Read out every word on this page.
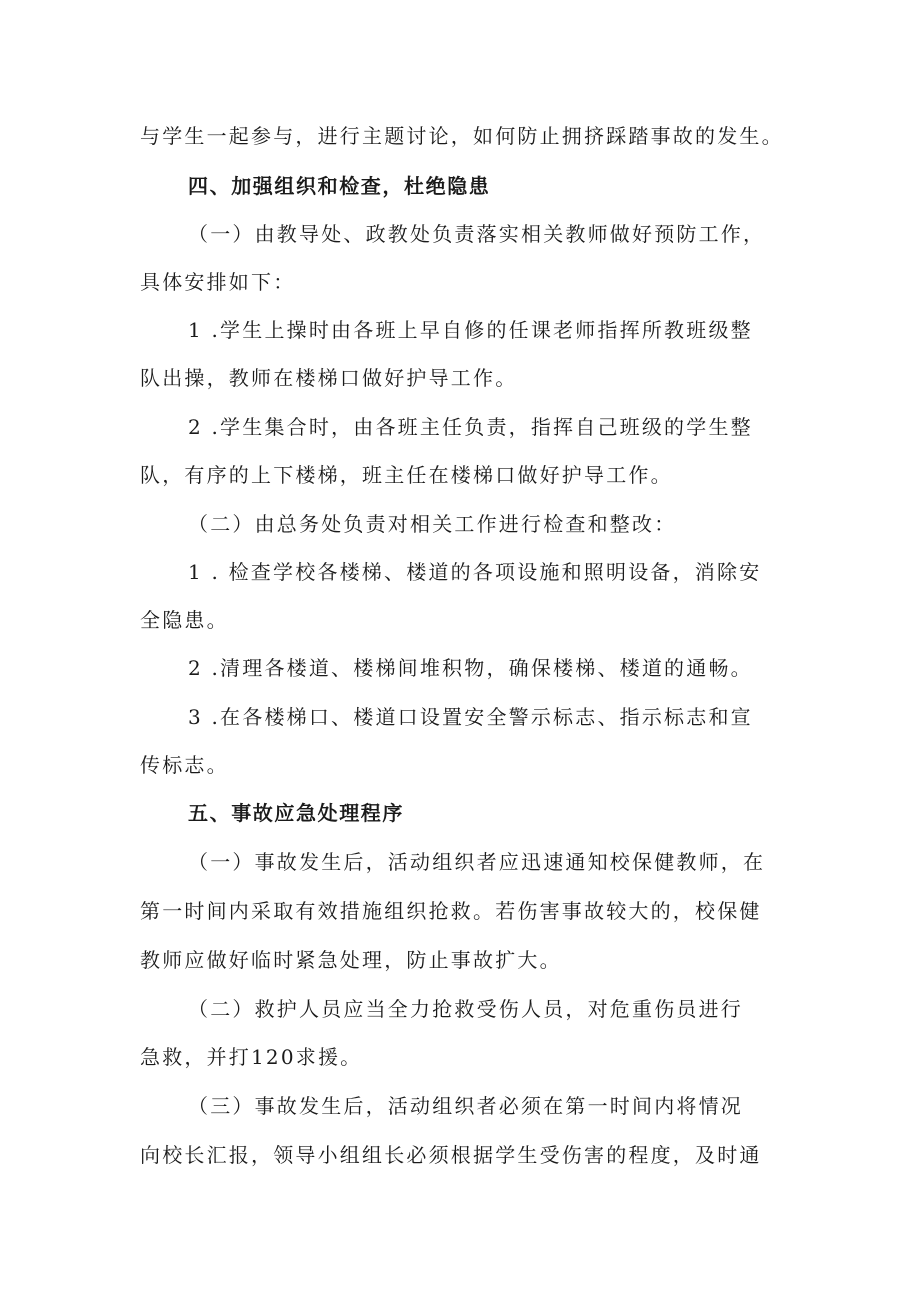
与学生一起参与，进行主题讨论，如何防止拥挤踩踏事故的发生。
四、加强组织和检查，杜绝隐患
（一）由教导处、政教处负责落实相关教师做好预防工作，
具体安排如下：
1 .学生上操时由各班上早自修的任课老师指挥所教班级整
队出操，教师在楼梯口做好护导工作。
2 .学生集合时，由各班主任负责，指挥自己班级的学生整
队，有序的上下楼梯，班主任在楼梯口做好护导工作。
（二）由总务处负责对相关工作进行检查和整改：
1 . 检查学校各楼梯、楼道的各项设施和照明设备，消除安
全隐患。
2 .清理各楼道、楼梯间堆积物，确保楼梯、楼道的通畅。
3 .在各楼梯口、楼道口设置安全警示标志、指示标志和宣
传标志。
五、事故应急处理程序
（一）事故发生后，活动组织者应迅速通知校保健教师，在
第一时间内采取有效措施组织抢救。若伤害事故较大的，校保健
教师应做好临时紧急处理，防止事故扩大。
（二）救护人员应当全力抢救受伤人员，对危重伤员进行
急救，并打120求援。
（三）事故发生后，活动组织者必须在第一时间内将情况
向校长汇报，领导小组组长必须根据学生受伤害的程度，及时通
